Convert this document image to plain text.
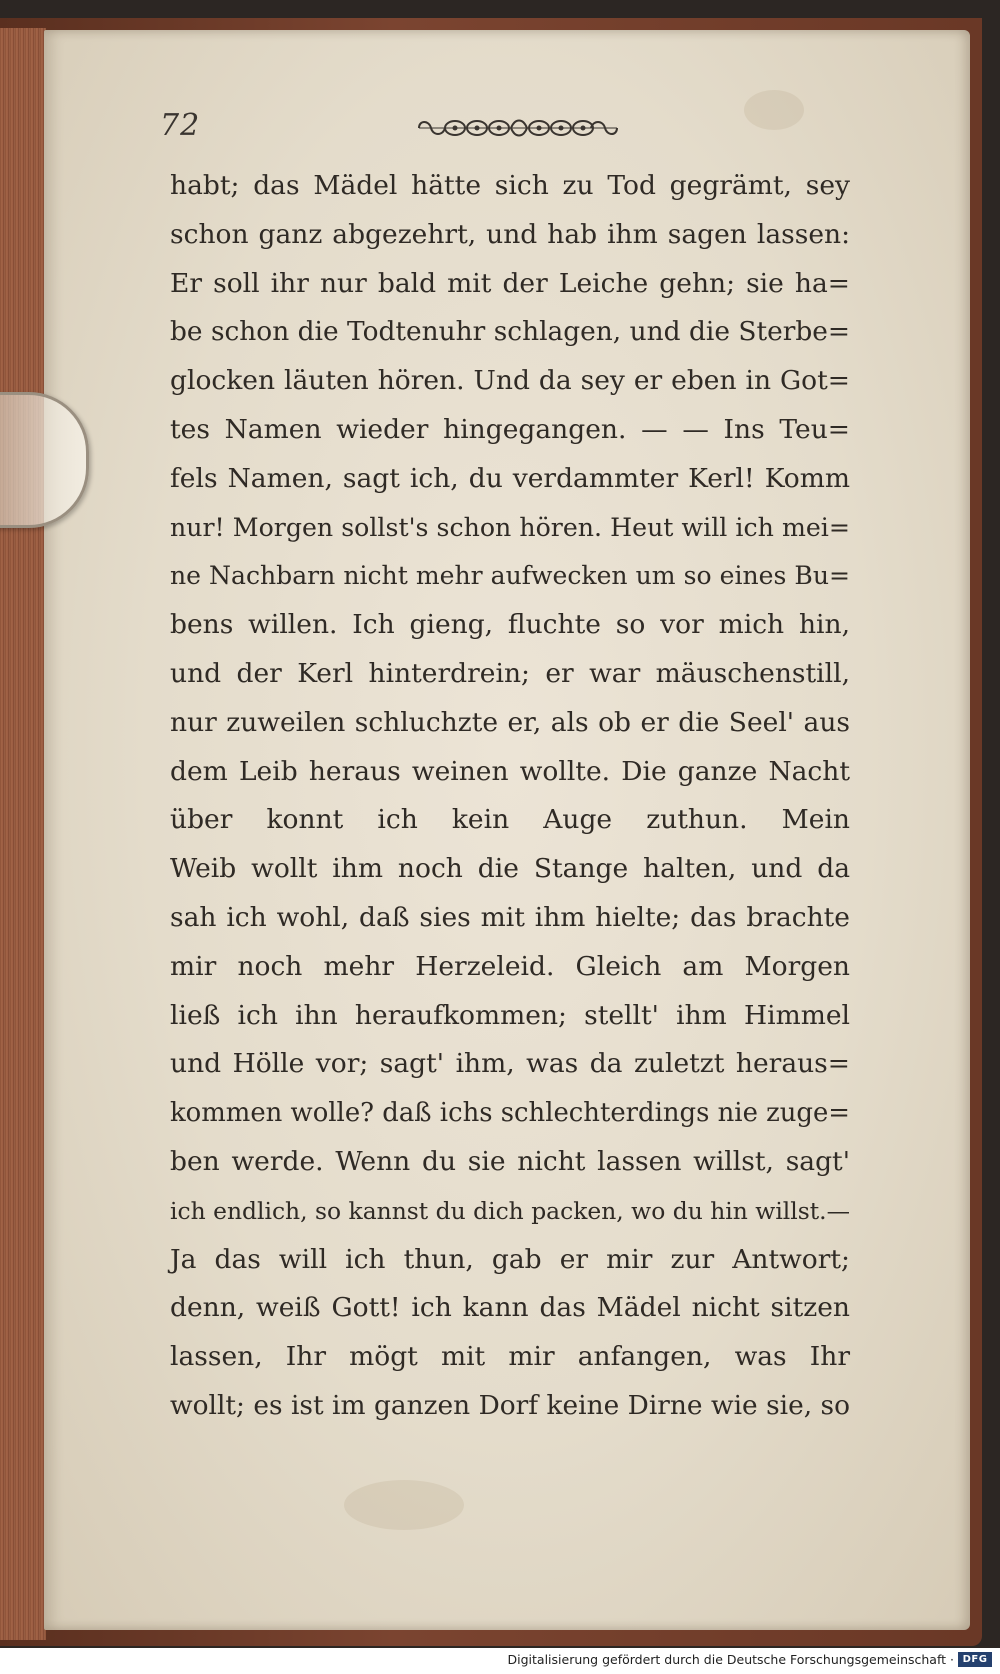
72
habt; das Mädel hätte sich zu Tod gegrämt, sey
schon ganz abgezehrt, und hab ihm sagen lassen:
Er soll ihr nur bald mit der Leiche gehn; sie ha=
be schon die Todtenuhr schlagen, und die Sterbe=
glocken läuten hören. Und da sey er eben in Got=
tes Namen wieder hingegangen. — — Ins Teu=
fels Namen, sagt ich, du verdammter Kerl! Komm
nur! Morgen sollst's schon hören. Heut will ich mei=
ne Nachbarn nicht mehr aufwecken um so eines Bu=
bens willen. Ich gieng, fluchte so vor mich hin,
und der Kerl hinterdrein; er war mäuschenstill,
nur zuweilen schluchzte er, als ob er die Seel' aus
dem Leib heraus weinen wollte. Die ganze Nacht
über konnt ich kein Auge zuthun. Mein
Weib wollt ihm noch die Stange halten, und da
sah ich wohl, daß sies mit ihm hielte; das brachte
mir noch mehr Herzeleid. Gleich am Morgen
ließ ich ihn heraufkommen; stellt' ihm Himmel
und Hölle vor; sagt' ihm, was da zuletzt heraus=
kommen wolle? daß ichs schlechterdings nie zuge=
ben werde. Wenn du sie nicht lassen willst, sagt'
ich endlich, so kannst du dich packen, wo du hin willst.—
Ja das will ich thun, gab er mir zur Antwort;
denn, weiß Gott! ich kann das Mädel nicht sitzen
lassen, Ihr mögt mit mir anfangen, was Ihr
wollt; es ist im ganzen Dorf keine Dirne wie sie, so
Digitalisierung gefördert durch die Deutsche Forschungsgemeinschaft · DFG
